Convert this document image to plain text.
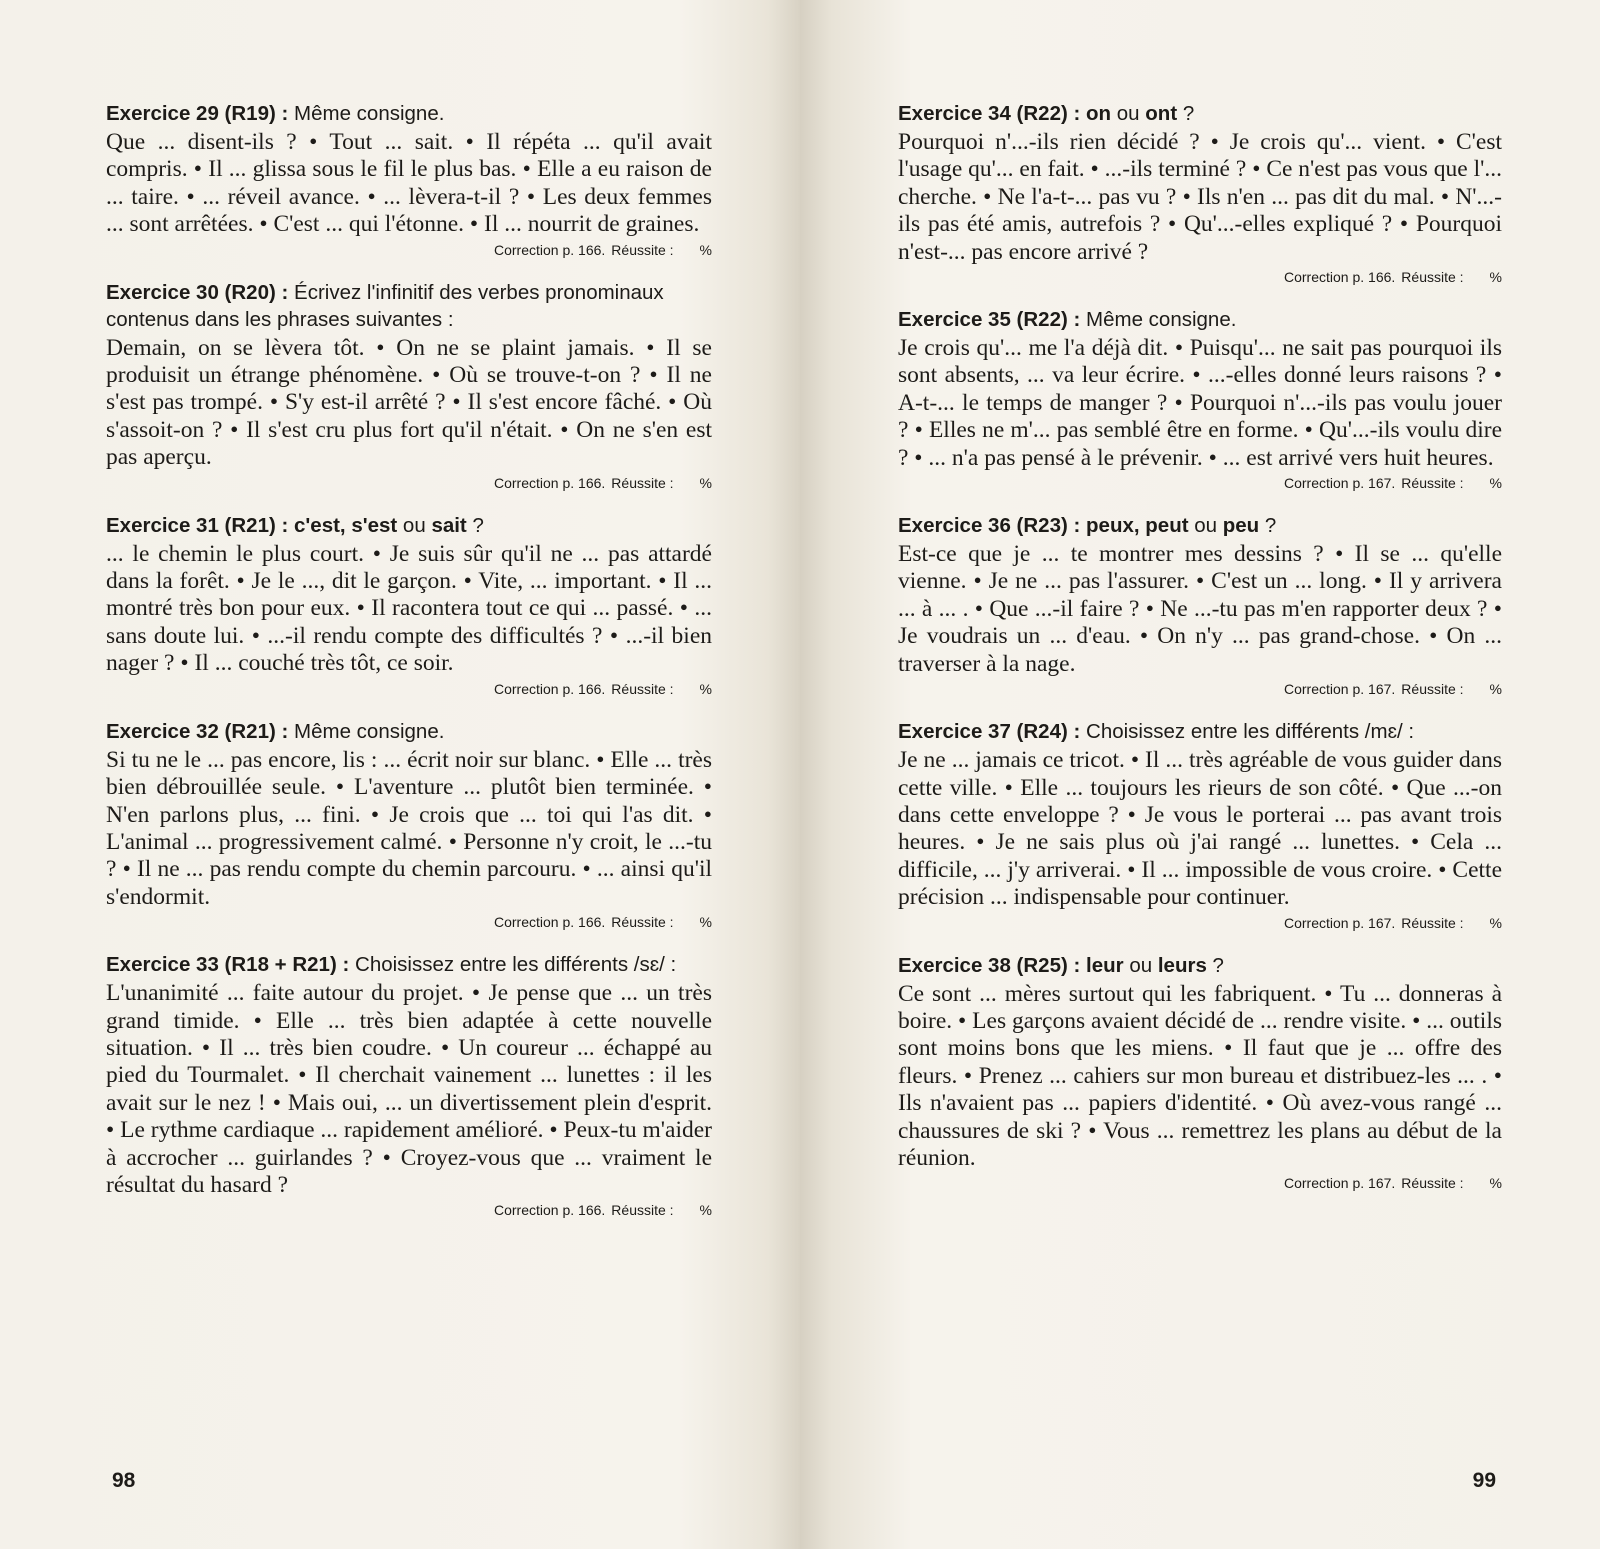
Exercice 29 (R19) : Même consigne.

Que ... disent-ils ? • Tout ... sait. • Il répéta ... qu'il avait compris. • Il ... glissa sous le fil le plus bas. • Elle a eu raison de ... taire. • ... réveil avance. • ... lèvera-t-il ? • Les deux femmes ... sont arrêtées. • C'est ... qui l'étonne. • Il ... nourrit de graines.

Correction p. 166. Réussite : %

Exercice 30 (R20) : Écrivez l'infinitif des verbes pronominaux contenus dans les phrases suivantes :

Demain, on se lèvera tôt. • On ne se plaint jamais. • Il se produisit un étrange phénomène. • Où se trouve-t-on ? • Il ne s'est pas trompé. • S'y est-il arrêté ? • Il s'est encore fâché. • Où s'assoit-on ? • Il s'est cru plus fort qu'il n'était. • On ne s'en est pas aperçu.

Correction p. 166. Réussite : %

Exercice 31 (R21) : c'est, s'est ou sait ?

... le chemin le plus court. • Je suis sûr qu'il ne ... pas attardé dans la forêt. • Je le ..., dit le garçon. • Vite, ... important. • Il ... montré très bon pour eux. • Il racontera tout ce qui ... passé. • ... sans doute lui. • ...-il rendu compte des difficultés ? • ...-il bien nager ? • Il ... couché très tôt, ce soir.

Correction p. 166. Réussite : %

Exercice 32 (R21) : Même consigne.

Si tu ne le ... pas encore, lis : ... écrit noir sur blanc. • Elle ... très bien débrouillée seule. • L'aventure ... plutôt bien terminée. • N'en parlons plus, ... fini. • Je crois que ... toi qui l'as dit. • L'animal ... progressivement calmé. • Personne n'y croit, le ...-tu ? • Il ne ... pas rendu compte du chemin parcouru. • ... ainsi qu'il s'endormit.

Correction p. 166. Réussite : %

Exercice 33 (R18 + R21) : Choisissez entre les différents /sɛ/ :

L'unanimité ... faite autour du projet. • Je pense que ... un très grand timide. • Elle ... très bien adaptée à cette nouvelle situation. • Il ... très bien coudre. • Un coureur ... échappé au pied du Tourmalet. • Il cherchait vainement ... lunettes : il les avait sur le nez ! • Mais oui, ... un divertissement plein d'esprit. • Le rythme cardiaque ... rapidement amélioré. • Peux-tu m'aider à accrocher ... guirlandes ? • Croyez-vous que ... vraiment le résultat du hasard ?

Correction p. 166. Réussite : %
98

Exercice 34 (R22) : on ou ont ?

Pourquoi n'...-ils rien décidé ? • Je crois qu'... vient. • C'est l'usage qu'... en fait. • ...-ils terminé ? • Ce n'est pas vous que l'... cherche. • Ne l'a-t-... pas vu ? • Ils n'en ... pas dit du mal. • N'...-ils pas été amis, autrefois ? • Qu'...-elles expliqué ? • Pourquoi n'est-... pas encore arrivé ?

Correction p. 166. Réussite : %

Exercice 35 (R22) : Même consigne.

Je crois qu'... me l'a déjà dit. • Puisqu'... ne sait pas pourquoi ils sont absents, ... va leur écrire. • ...-elles donné leurs raisons ? • A-t-... le temps de manger ? • Pourquoi n'...-ils pas voulu jouer ? • Elles ne m'... pas semblé être en forme. • Qu'...-ils voulu dire ? • ... n'a pas pensé à le prévenir. • ... est arrivé vers huit heures.

Correction p. 167. Réussite : %

Exercice 36 (R23) : peux, peut ou peu ?

Est-ce que je ... te montrer mes dessins ? • Il se ... qu'elle vienne. • Je ne ... pas l'assurer. • C'est un ... long. • Il y arrivera ... à ... . • Que ...-il faire ? • Ne ...-tu pas m'en rapporter deux ? • Je voudrais un ... d'eau. • On n'y ... pas grand-chose. • On ... traverser à la nage.

Correction p. 167. Réussite : %

Exercice 37 (R24) : Choisissez entre les différents /mɛ/ :

Je ne ... jamais ce tricot. • Il ... très agréable de vous guider dans cette ville. • Elle ... toujours les rieurs de son côté. • Que ...-on dans cette enveloppe ? • Je vous le porterai ... pas avant trois heures. • Je ne sais plus où j'ai rangé ... lunettes. • Cela ... difficile, ... j'y arriverai. • Il ... impossible de vous croire. • Cette précision ... indispensable pour continuer.

Correction p. 167. Réussite : %

Exercice 38 (R25) : leur ou leurs ?

Ce sont ... mères surtout qui les fabriquent. • Tu ... donneras à boire. • Les garçons avaient décidé de ... rendre visite. • ... outils sont moins bons que les miens. • Il faut que je ... offre des fleurs. • Prenez ... cahiers sur mon bureau et distribuez-les ... . • Ils n'avaient pas ... papiers d'identité. • Où avez-vous rangé ... chaussures de ski ? • Vous ... remettrez les plans au début de la réunion.

Correction p. 167. Réussite : %
99
